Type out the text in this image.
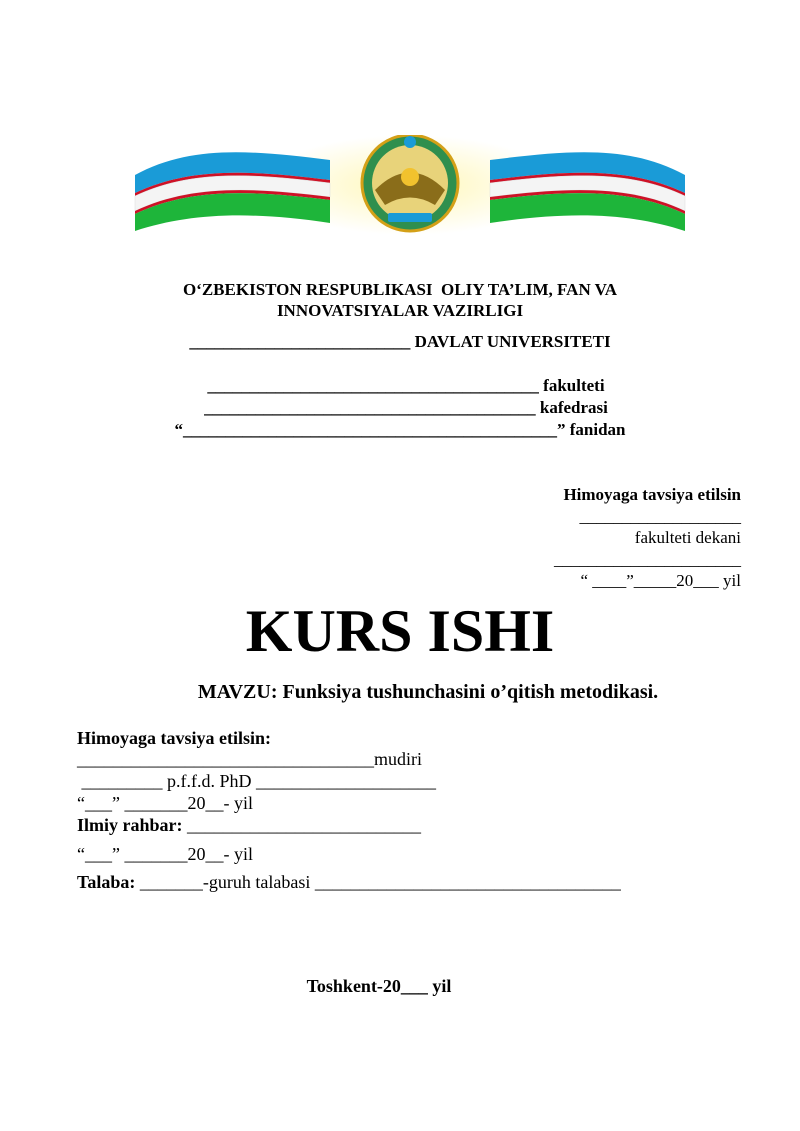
O‘ZBEKISTON RESPUBLIKASI  OLIY TA’LIM, FAN VA
INNOVATSIYALAR VAZIRLIGI
__________________________ DAVLAT UNIVERSITETI
_______________________________________ fakulteti
_______________________________________ kafedrasi
“____________________________________________” fanidan
Himoyaga tavsiya etilsin
___________________
fakulteti dekani
______________________
“ ____”_____20___ yil
KURS ISHI
MAVZU: Funksiya tushunchasini o’qitish metodikasi.
Himoyaga tavsiya etilsin:
_________________________________mudiri
_________ p.f.f.d. PhD ____________________
“___” _______20__- yil
Ilmiy rahbar: __________________________
“___” _______20__- yil
Talaba: _______-guruh talabasi __________________________________
Toshkent-20___ yil
